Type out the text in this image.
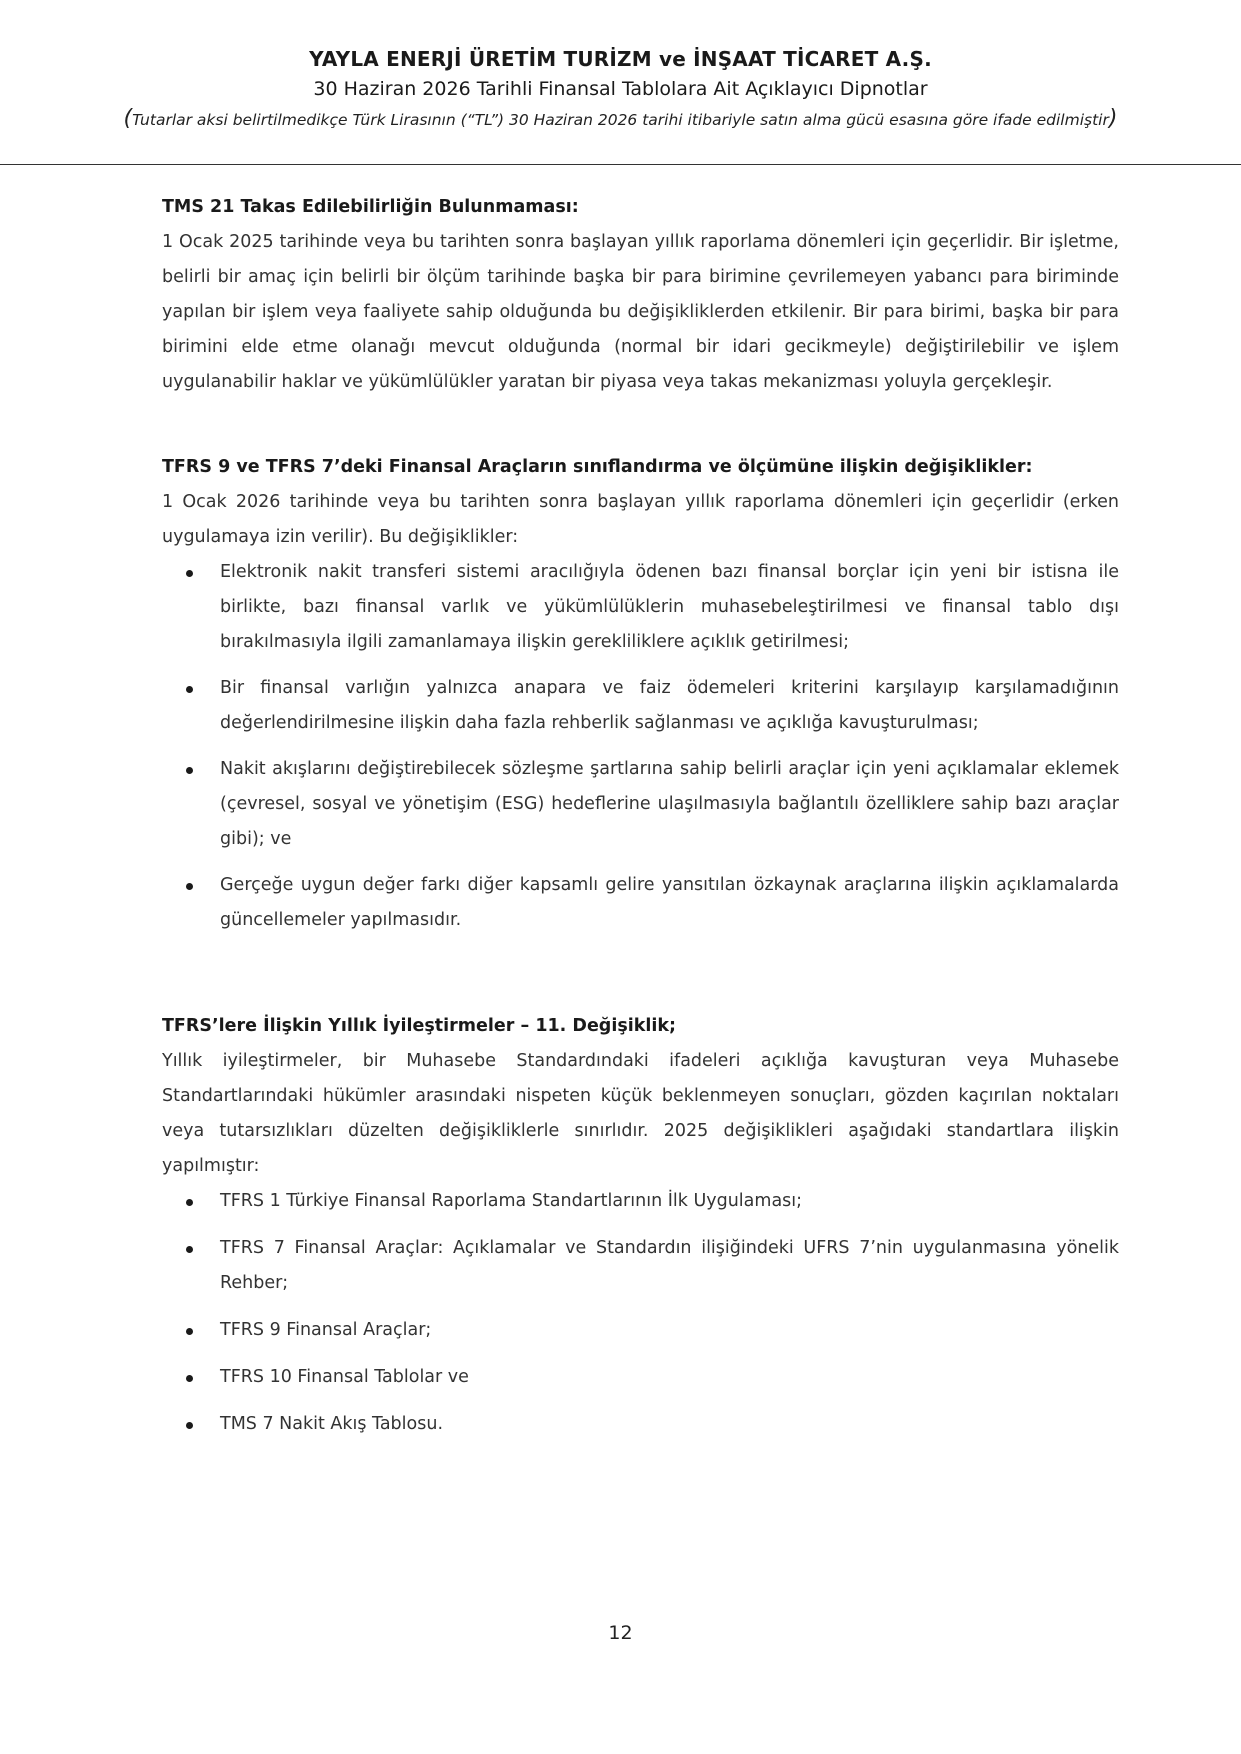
YAYLA ENERJİ ÜRETİM TURİZM ve İNŞAAT TİCARET A.Ş.
30 Haziran 2026 Tarihli Finansal Tablolara Ait Açıklayıcı Dipnotlar
(Tutarlar aksi belirtilmedikçe Türk Lirasının (“TL”) 30 Haziran 2026 tarihi itibariyle satın alma gücü esasına göre ifade edilmiştir)
TMS 21 Takas Edilebilirliğin Bulunmaması:

1 Ocak 2025 tarihinde veya bu tarihten sonra başlayan yıllık raporlama dönemleri için geçerlidir. Bir işletme, belirli bir amaç için belirli bir ölçüm tarihinde başka bir para birimine çevrilemeyen yabancı para biriminde yapılan bir işlem veya faaliyete sahip olduğunda bu değişikliklerden etkilenir. Bir para birimi, başka bir para birimini elde etme olanağı mevcut olduğunda (normal bir idari gecikmeyle) değiştirilebilir ve işlem uygulanabilir haklar ve yükümlülükler yaratan bir piyasa veya takas mekanizması yoluyla gerçekleşir.

TFRS 9 ve TFRS 7’deki Finansal Araçların sınıflandırma ve ölçümüne ilişkin değişiklikler:

1 Ocak 2026 tarihinde veya bu tarihten sonra başlayan yıllık raporlama dönemleri için geçerlidir (erken uygulamaya izin verilir). Bu değişiklikler:

Elektronik nakit transferi sistemi aracılığıyla ödenen bazı finansal borçlar için yeni bir istisna ile birlikte, bazı finansal varlık ve yükümlülüklerin muhasebeleştirilmesi ve finansal tablo dışı bırakılmasıyla ilgili zamanlamaya ilişkin gerekliliklere açıklık getirilmesi;
Bir finansal varlığın yalnızca anapara ve faiz ödemeleri kriterini karşılayıp karşılamadığının değerlendirilmesine ilişkin daha fazla rehberlik sağlanması ve açıklığa kavuşturulması;
Nakit akışlarını değiştirebilecek sözleşme şartlarına sahip belirli araçlar için yeni açıklamalar eklemek (çevresel, sosyal ve yönetişim (ESG) hedeflerine ulaşılmasıyla bağlantılı özelliklere sahip bazı araçlar gibi); ve
Gerçeğe uygun değer farkı diğer kapsamlı gelire yansıtılan özkaynak araçlarına ilişkin açıklamalarda güncellemeler yapılmasıdır.
TFRS’lere İlişkin Yıllık İyileştirmeler – 11. Değişiklik;

Yıllık iyileştirmeler, bir Muhasebe Standardındaki ifadeleri açıklığa kavuşturan veya Muhasebe Standartlarındaki hükümler arasındaki nispeten küçük beklenmeyen sonuçları, gözden kaçırılan noktaları veya tutarsızlıkları düzelten değişikliklerle sınırlıdır. 2025 değişiklikleri aşağıdaki standartlara ilişkin yapılmıştır:

TFRS 1 Türkiye Finansal Raporlama Standartlarının İlk Uygulaması;
TFRS 7 Finansal Araçlar: Açıklamalar ve Standardın ilişiğindeki UFRS 7’nin uygulanmasına yönelik Rehber;
TFRS 9 Finansal Araçlar;
TFRS 10 Finansal Tablolar ve
TMS 7 Nakit Akış Tablosu.
12
